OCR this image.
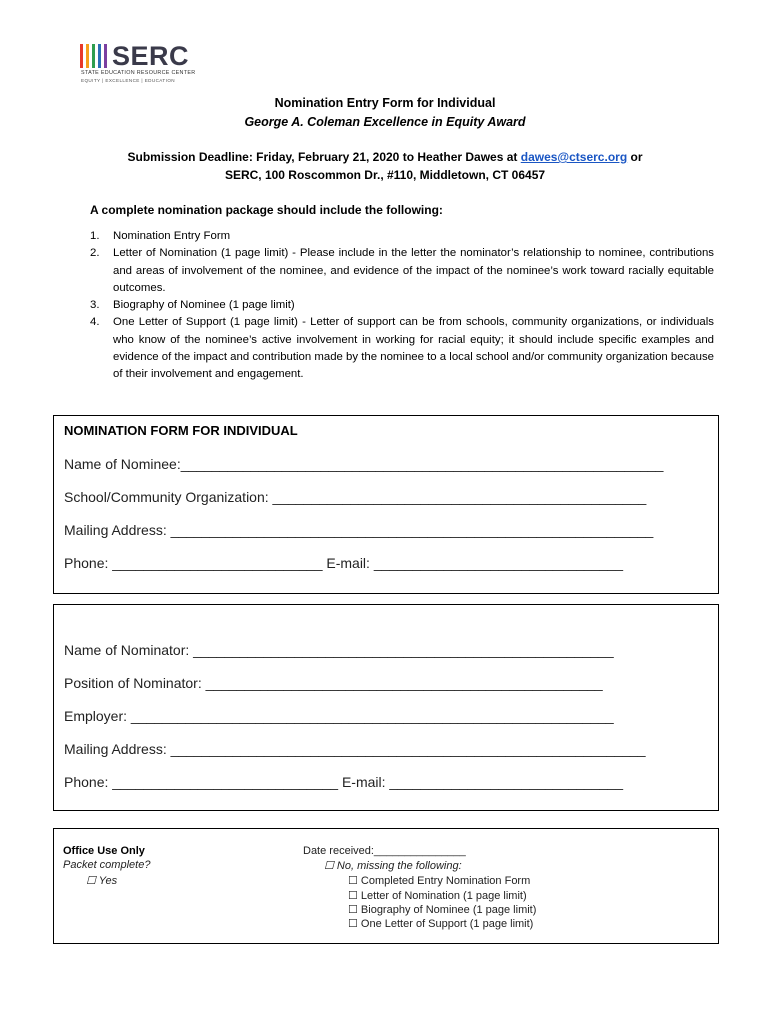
SERC
STATE EDUCATION RESOURCE CENTER
EQUITY | EXCELLENCE | EDUCATION
Nomination Entry Form for Individual
George A. Coleman Excellence in Equity Award
Submission Deadline: Friday, February 21, 2020 to Heather Dawes at dawes@ctserc.org or
SERC, 100 Roscommon Dr., #110, Middletown, CT 06457
A complete nomination package should include the following:
1. Nomination Entry Form
2. Letter of Nomination (1 page limit) - Please include in the letter the nominator’s relationship to nominee, contributions and areas of involvement of the nominee, and evidence of the impact of the nominee’s work toward racially equitable outcomes.
3. Biography of Nominee (1 page limit)
4. One Letter of Support (1 page limit) - Letter of support can be from schools, community organizations, or individuals who know of the nominee’s active involvement in working for racial equity; it should include specific examples and evidence of the impact and contribution made by the nominee to a local school and/or community organization because of their involvement and engagement.
NOMINATION FORM FOR INDIVIDUAL
Name of Nominee:______________________________________________________________
School/Community Organization: ________________________________________________
Mailing Address: ______________________________________________________________
Phone: ___________________________ E-mail: ________________________________
Name of Nominator: ______________________________________________________
Position of Nominator: ___________________________________________________
Employer: ______________________________________________________________
Mailing Address: _____________________________________________________________
Phone: _____________________________ E-mail: ______________________________
Office Use Only
Packet complete?
☐ Yes
Date received:_______________
☐ No, missing the following:
☐ Completed Entry Nomination Form
☐ Letter of Nomination (1 page limit)
☐ Biography of Nominee (1 page limit)
☐ One Letter of Support (1 page limit)
